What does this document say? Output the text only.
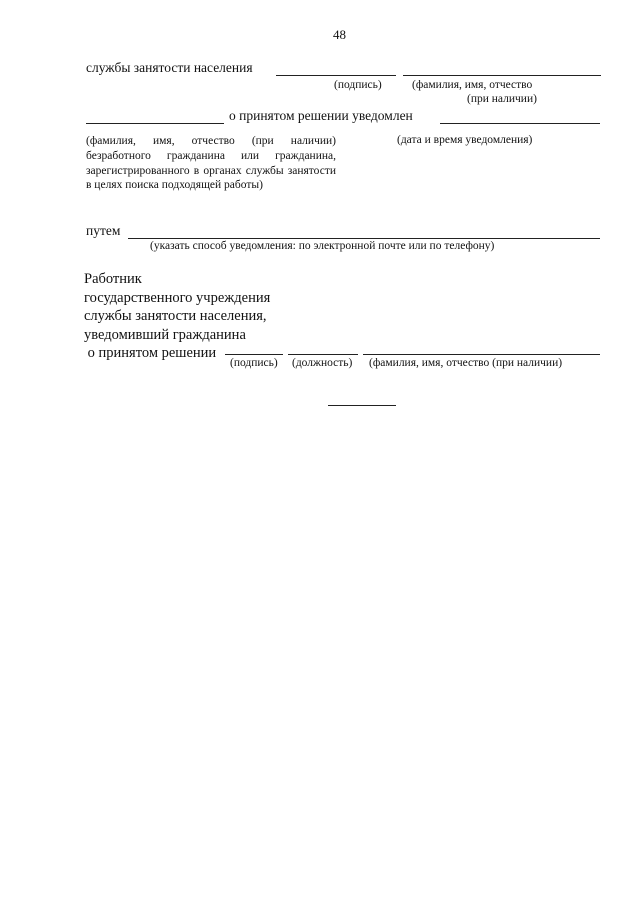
48
службы занятости населения
(подпись)	(фамилия, имя, отчество
(при наличии)
о принятом решении уведомлен
(фамилия, имя, отчество (при наличии) безработного гражданина или гражданина, зарегистрированного в органах службы занятости в целях поиска подходящей работы)
(дата и время уведомления)
путем
(указать способ уведомления: по электронной почте или по телефону)
Работник
государственного учреждения
службы занятости населения,
уведомивший гражданина
о принятом решении
(подпись) (должность) (фамилия, имя, отчество (при наличии)
